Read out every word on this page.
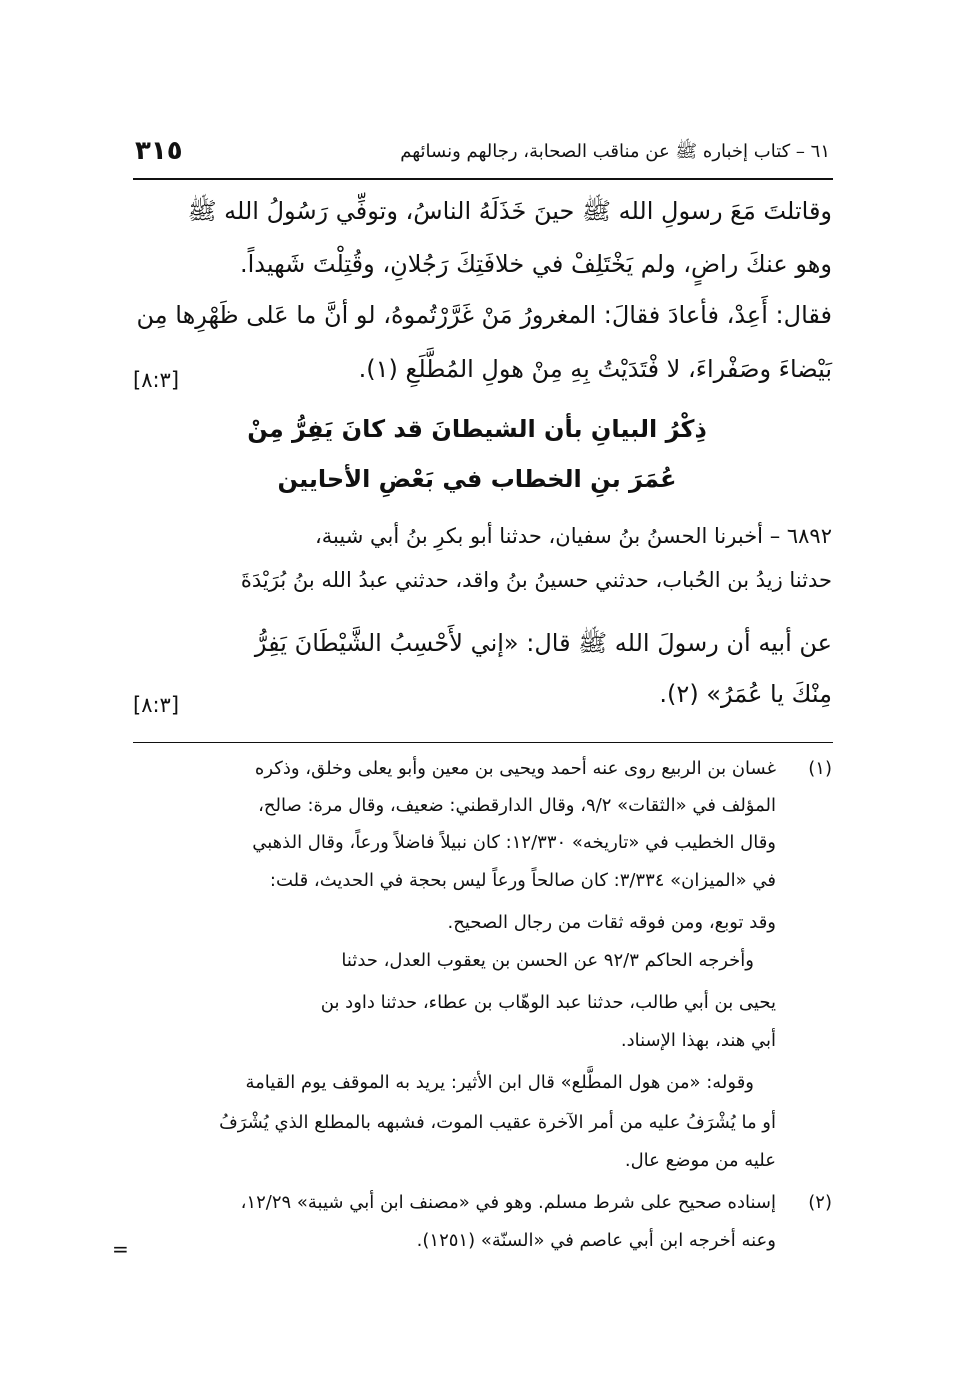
٣١٥	٦١ – كتاب إخباره ﷺ عن مناقب الصحابة، رجالهم ونسائهم
وقاتلتَ مَعَ رسولِ الله ﷺ حينَ خَذَلَهُ الناسُ، وتوفِّي رَسُولُ الله ﷺ
وهو عنكَ راضٍ، ولم يَخْتَلِفْ في خلافَتِكَ رَجُلانِ، وقُتِلْتَ شَهيداً.
فقال: أَعِدْ، فأعادَ فقالَ: المغرورُ مَنْ غَرَّرْتُموهُ، لو أنَّ ما عَلى ظَهْرِها مِن
بَيْضاءَ وصَفْراءَ، لا فْتَدَيْتُ بِهِ مِنْ هولِ المُطَّلَعِ (١).
[٨:٣]
ذِكْرُ البيانِ بأن الشيطانَ قد كانَ يَفِرُّ مِنْ
عُمَرَ بنِ الخطاب في بَعْضِ الأحايين
٦٨٩٢ – أخبرنا الحسنُ بنُ سفيان، حدثنا أبو بكرِ بنُ أبي شيبة،
حدثنا زيدُ بن الحُباب، حدثني حسينُ بنُ واقد، حدثني عبدُ الله بنُ بُرَيْدَةَ
عن أبيه أن رسولَ الله ﷺ قال: «إني لأَحْسِبُ الشَّيْطَانَ يَفِرُّ
مِنْكَ يا عُمَرُ» (٢).
[٨:٣]
(١)
غسان بن الربيع روى عنه أحمد ويحيى بن معين وأبو يعلى وخلق، وذكره
المؤلف في «الثقات» ٩/٢، وقال الدارقطني: ضعيف، وقال مرة: صالح،
وقال الخطيب في «تاريخه» ١٢/٣٣٠: كان نبيلاً فاضلاً ورعاً، وقال الذهبي
في «الميزان» ٣/٣٣٤: كان صالحاً ورعاً ليس بحجة في الحديث، قلت:
وقد توبع، ومن فوقه ثقات من رجال الصحيح.
وأخرجه الحاكم ٩٢/٣ عن الحسن بن يعقوب العدل، حدثنا
يحيى بن أبي طالب، حدثنا عبد الوهّاب بن عطاء، حدثنا داود بن
أبي هند، بهذا الإسناد.
وقوله: «من هول المطَّلع» قال ابن الأثير: يريد به الموقف يوم القيامة
أو ما يُشْرَفُ عليه من أمر الآخرة عقيب الموت، فشبهه بالمطلع الذي يُشْرَفُ
عليه من موضع عال.
(٢)
إسناده صحيح على شرط مسلم. وهو في «مصنف ابن أبي شيبة» ١٢/٢٩،
وعنه أخرجه ابن أبي عاصم في «السنّة» (١٢٥١).
=
